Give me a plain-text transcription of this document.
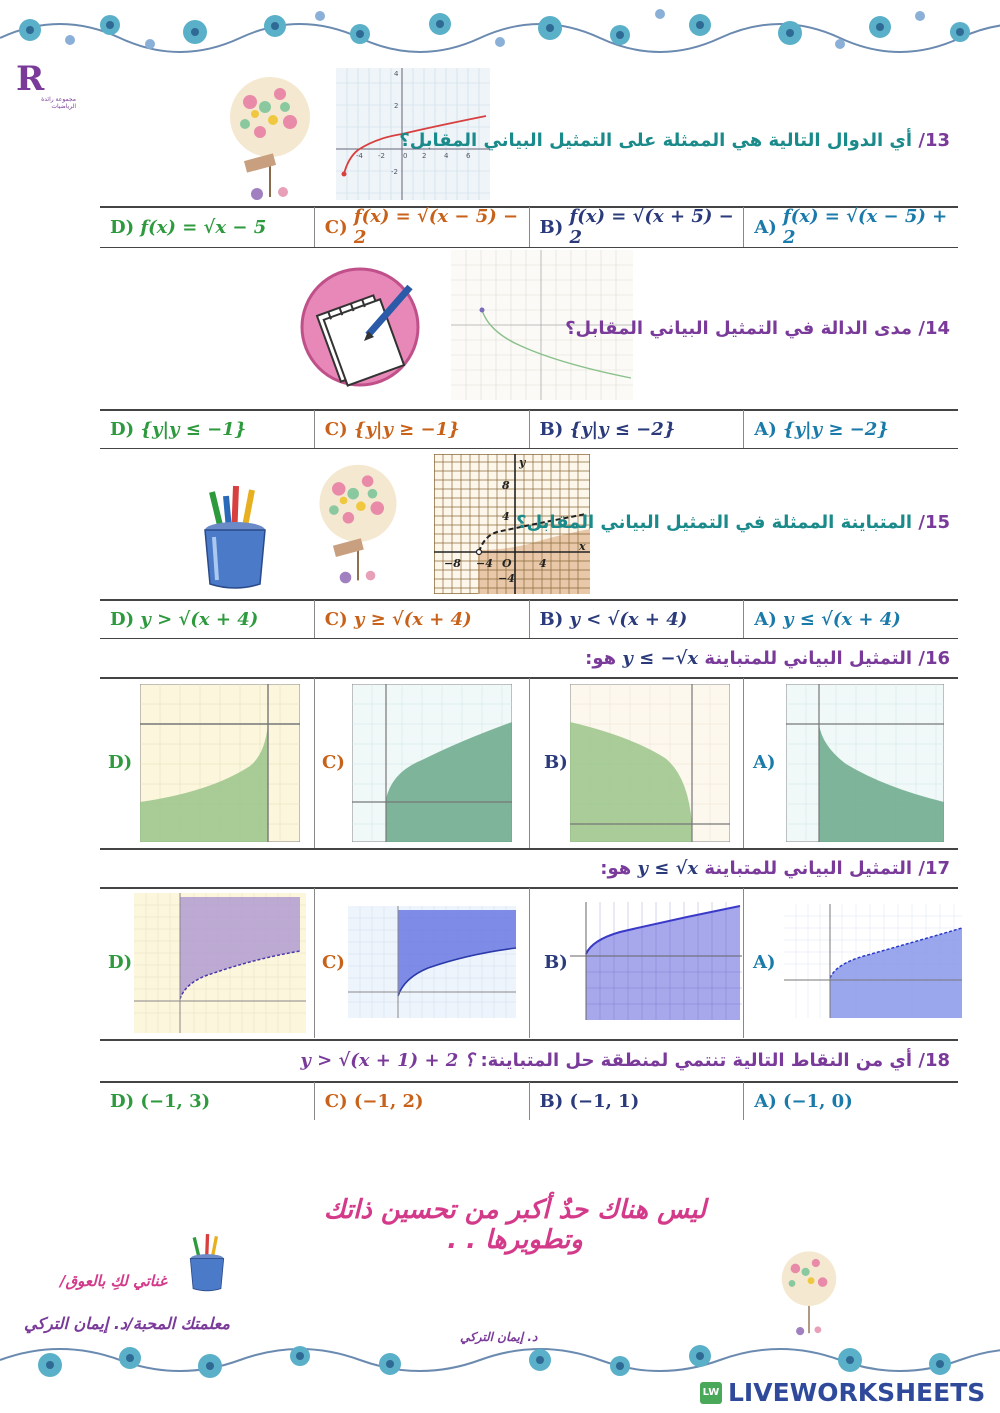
R
مجموعة رائدة الرياضيات
-4 -2	0 2	4	6
4
2
-2
13/ أي الدوال التالية هي الممثلة على التمثيل البياني المقابل؟
D)
f(x) = √x − 5	C)
f(x) = √(x − 5) − 2	B)
f(x) = √(x + 5) − 2	A)
f(x) = √(x − 5) + 2
14/ مدى الدالة في التمثيل البياني المقابل؟
D)
{y|y ≤ −1}	C)
{y|y ≥ −1}	B)
{y|y ≤ −2}	A)
{y|y ≥ −2}
−8 −4 O 4
x
y
8
4
−4
15/ المتباينة الممثلة في التمثيل البياني المقابل؟
D)
y > √(x + 4)	C)
y ≥ √(x + 4)	B)
y < √(x + 4)	A)
y ≤ √(x + 4)
16/ التمثيل البياني للمتباينة y ≤ −√x هو:
D)	C)	B)	A)
17/ التمثيل البياني للمتباينة y ≤ √x هو:
D)	C)	B)	A)
18/ أي من النقاط التالية تنتمي لمنطقة حل المتباينة: y > √(x + 1) + 2 ؟
D)
(−1, 3)	C)
(−1, 2)	B)
(−1, 1)	A)
(−1, 0)
ليس هناك حدٌ أكبر من تحسين ذاتك وتطويرها . .
غناتي لكِ بالعوق/
معلمتك المحبة/د. إيمان التركي
د. إيمان التركي
LW LIVEWORKSHEETS
